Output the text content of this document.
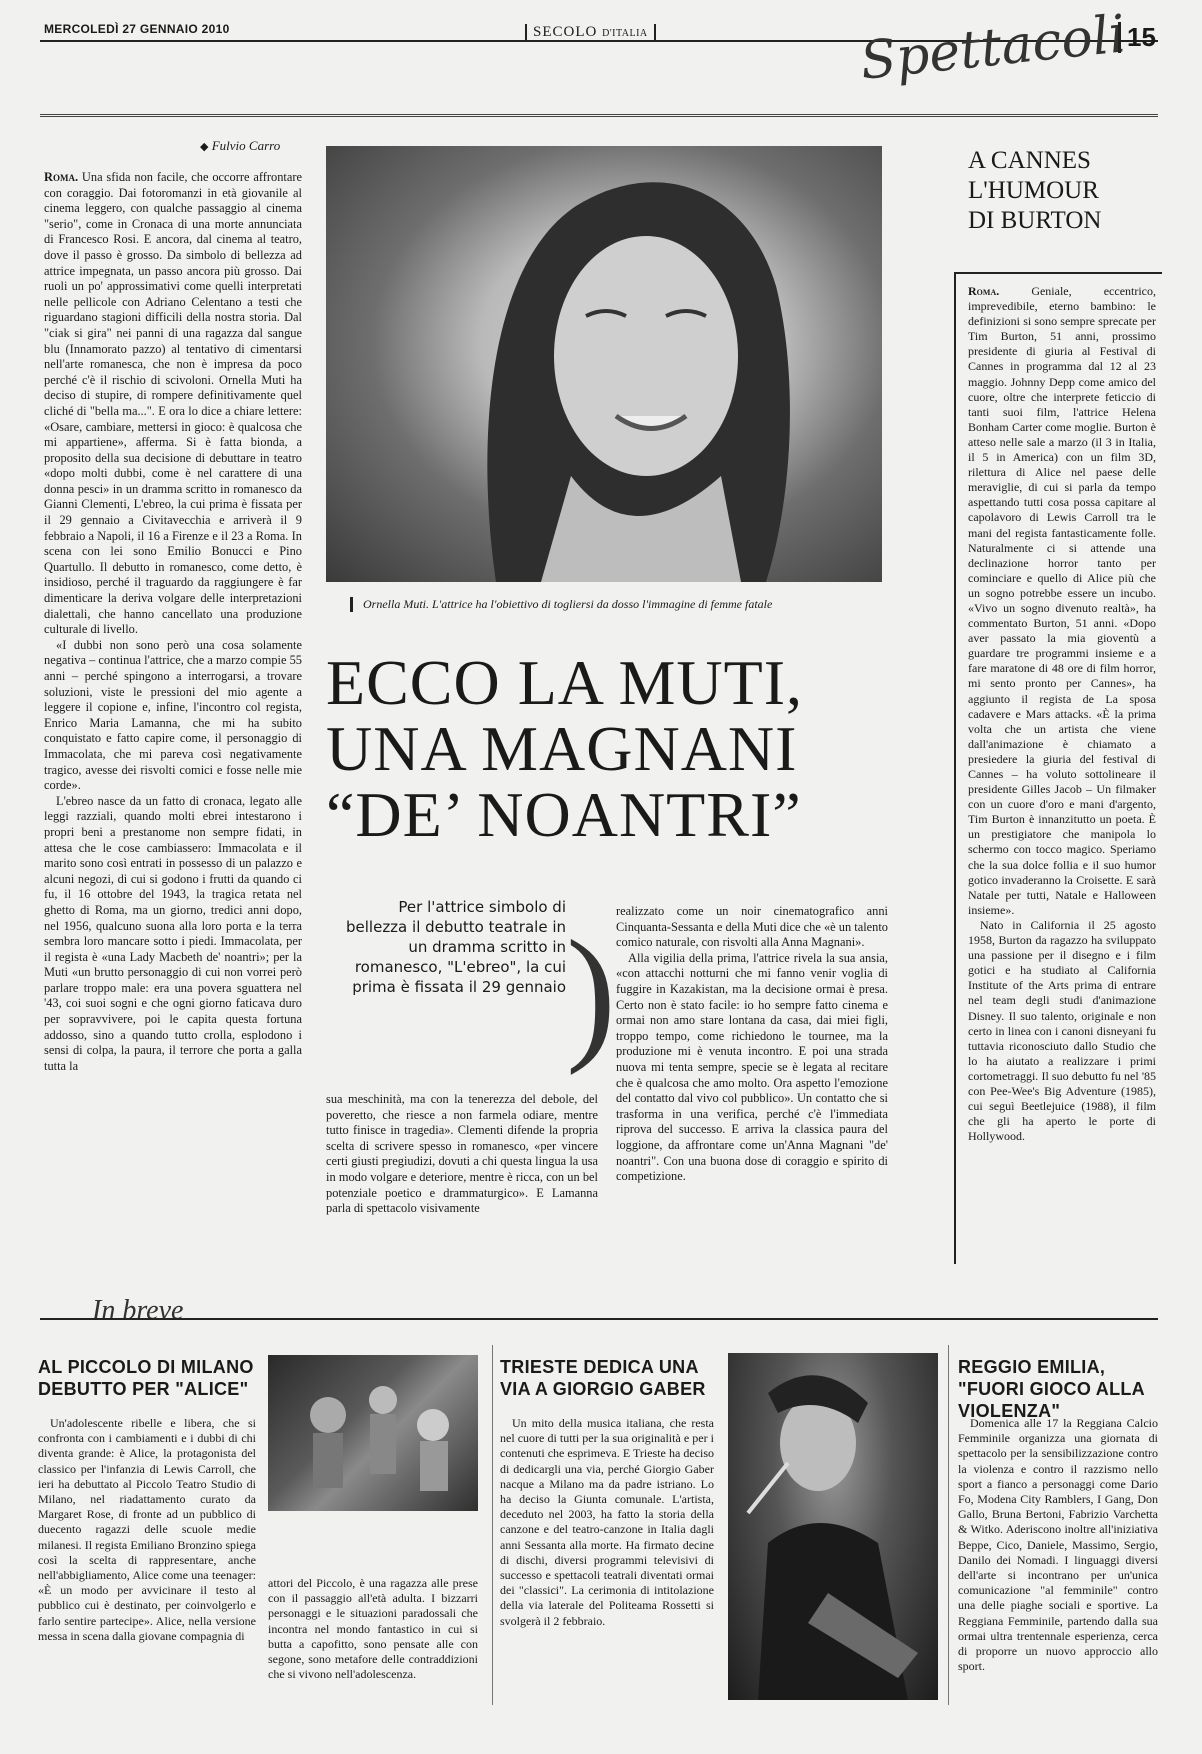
MERCOLEDÌ 27 GENNAIO 2010	SECOLO D'ITALIA	Spettacoli
15
◆ Fulvio Carro

Roma. Una sfida non facile, che occorre affrontare con coraggio. Dai fotoromanzi in età giovanile al cinema leggero, con qualche passaggio al cinema "serio", come in Cronaca di una morte annunciata di Francesco Rosi. E ancora, dal cinema al teatro, dove il passo è grosso. Da simbolo di bellezza ad attrice impegnata, un passo ancora più grosso. Dai ruoli un po' approssimativi come quelli interpretati nelle pellicole con Adriano Celentano a testi che riguardano stagioni difficili della nostra storia. Dal "ciak si gira" nei panni di una ragazza dal sangue blu (Innamorato pazzo) al tentativo di cimentarsi nell'arte romanesca, che non è impresa da poco perché c'è il rischio di scivoloni. Ornella Muti ha deciso di stupire, di rompere definitivamente quel cliché di "bella ma...". E ora lo dice a chiare lettere: «Osare, cambiare, mettersi in gioco: è qualcosa che mi appartiene», afferma. Si è fatta bionda, a proposito della sua decisione di debuttare in teatro «dopo molti dubbi, come è nel carattere di una donna pesci» in un dramma scritto in romanesco da Gianni Clementi, L'ebreo, la cui prima è fissata per il 29 gennaio a Civitavecchia e arriverà il 9 febbraio a Napoli, il 16 a Firenze e il 23 a Roma. In scena con lei sono Emilio Bonucci e Pino Quartullo. Il debutto in romanesco, come detto, è insidioso, perché il traguardo da raggiungere è far dimenticare la deriva volgare delle interpretazioni dialettali, che hanno cancellato una produzione culturale di livello.

«I dubbi non sono però una cosa solamente negativa – continua l'attrice, che a marzo compie 55 anni – perché spingono a interrogarsi, a trovare soluzioni, viste le pressioni del mio agente a leggere il copione e, infine, l'incontro col regista, Enrico Maria Lamanna, che mi ha subito conquistato e fatto capire come, il personaggio di Immacolata, che mi pareva così negativamente tragico, avesse dei risvolti comici e fosse nelle mie corde».

L'ebreo nasce da un fatto di cronaca, legato alle leggi razziali, quando molti ebrei intestarono i propri beni a prestanome non sempre fidati, in attesa che le cose cambiassero: Immacolata e il marito sono così entrati in possesso di un palazzo e alcuni negozi, di cui si godono i frutti da quando ci fu, il 16 ottobre del 1943, la tragica retata nel ghetto di Roma, ma un giorno, tredici anni dopo, nel 1956, qualcuno suona alla loro porta e la terra sembra loro mancare sotto i piedi. Immacolata, per il regista è «una Lady Macbeth de' noantri»; per la Muti «un brutto personaggio di cui non vorrei però parlare troppo male: era una povera sguattera nel '43, coi suoi sogni e che ogni giorno faticava duro per sopravvivere, poi le capita questa fortuna addosso, sino a quando tutto crolla, esplodono i sensi di colpa, la paura, il terrore che porta a galla tutta la

Ornella Muti. L'attrice ha l'obiettivo di togliersi da dosso l'immagine di femme fatale
ECCO LA MUTI,
UNA MAGNANI
“DE’ NOANTRI”
Per l'attrice simbolo di bellezza il debutto teatrale in un dramma scritto in romanesco, "L'ebreo", la cui prima è fissata il 29 gennaio )

sua meschinità, ma con la tenerezza del debole, del poveretto, che riesce a non farmela odiare, mentre tutto finisce in tragedia». Clementi difende la propria scelta di scrivere spesso in romanesco, «per vincere certi giusti pregiudizi, dovuti a chi questa lingua la usa in modo volgare e deteriore, mentre è ricca, con un bel potenziale poetico e drammaturgico». E Lamanna parla di spettacolo visivamente

realizzato come un noir cinematografico anni Cinquanta-Sessanta e della Muti dice che «è un talento comico naturale, con risvolti alla Anna Magnani».

Alla vigilia della prima, l'attrice rivela la sua ansia, «con attacchi notturni che mi fanno venir voglia di fuggire in Kazakistan, ma la decisione ormai è presa. Certo non è stato facile: io ho sempre fatto cinema e ormai non amo stare lontana da casa, dai miei figli, troppo tempo, come richiedono le tournee, ma la produzione mi è venuta incontro. E poi una strada nuova mi tenta sempre, specie se è legata al recitare che è qualcosa che amo molto. Ora aspetto l'emozione del contatto dal vivo col pubblico». Un contatto che si trasforma in una verifica, perché c'è l'immediata riprova del successo. E arriva la classica paura del loggione, da affrontare come un'Anna Magnani "de' noantri". Con una buona dose di coraggio e spirito di competizione.

A CANNES
L'HUMOUR
DI BURTON

Roma.	Geniale, eccentrico, imprevedibile, eterno bambino: le definizioni si sono sempre sprecate per Tim Burton, 51 anni, prossimo presidente di giuria al Festival di Cannes in programma dal 12 al 23 maggio. Johnny Depp come amico del cuore, oltre che interprete feticcio di tanti suoi film, l'attrice Helena Bonham Carter come moglie. Burton è atteso nelle sale a marzo (il 3 in Italia, il 5 in America) con un film 3D, rilettura di Alice nel paese delle meraviglie, di cui si parla da tempo aspettando tutti cosa possa capitare al capolavoro di Lewis Carroll tra le mani del regista fantasticamente folle. Naturalmente ci si attende una declinazione horror tanto per cominciare e quello di Alice più che un sogno potrebbe essere un incubo. «Vivo un sogno divenuto realtà», ha commentato Burton, 51 anni. «Dopo aver passato la mia gioventù a guardare tre programmi insieme e a fare maratone di 48 ore di film horror, mi sento pronto per Cannes», ha aggiunto il regista de La sposa cadavere e Mars attacks. «È la prima volta che un artista che viene dall'animazione è chiamato a presiedere la giuria del festival di Cannes – ha voluto sottolineare il presidente Gilles Jacob – Un filmaker con un cuore d'oro e mani d'argento, Tim Burton è innanzitutto un poeta. È un prestigiatore che manipola lo schermo con tocco magico. Speriamo che la sua dolce follia e il suo humor gotico invaderanno la Croisette. E sarà Natale per tutti, Natale e Halloween insieme».

Nato in California il 25 agosto 1958, Burton da ragazzo ha sviluppato una passione per il disegno e i film gotici e ha studiato al California Institute of the Arts prima di entrare nel team degli studi d'animazione Disney. Il suo talento, originale e non certo in linea con i canoni disneyani fu tuttavia riconosciuto dallo Studio che lo ha aiutato a realizzare i primi cortometraggi. Il suo debutto fu nel '85 con Pee-Wee's Big Adventure (1985), cui seguì Beetlejuice (1988), il film che gli ha aperto le porte di Hollywood.

In breve
AL PICCOLO DI MILANO DEBUTTO PER "ALICE"
Un'adolescente ribelle e libera, che si confronta con i cambiamenti e i dubbi di chi diventa grande: è Alice, la protagonista del classico per l'infanzia di Lewis Carroll, che ieri ha debuttato al Piccolo Teatro Studio di Milano, nel riadattamento curato da Margaret Rose, di fronte ad un pubblico di duecento ragazzi delle scuole medie milanesi. Il regista Emiliano Bronzino spiega così la scelta di rappresentare, anche nell'abbigliamento, Alice come una teenager: «È un modo per avvicinare il testo al pubblico cui è destinato, per coinvolgerlo e farlo sentire partecipe». Alice, nella versione messa in scena dalla giovane compagnia di
attori del Piccolo, è una ragazza alle prese con il passaggio all'età adulta. I bizzarri personaggi e le situazioni paradossali che incontra nel mondo fantastico in cui si butta a capofitto, sono pensate alle con segone, sono metafore delle contraddizioni che si vivono nell'adolescenza.
TRIESTE DEDICA UNA VIA A GIORGIO GABER
Un mito della musica italiana, che resta nel cuore di tutti per la sua originalità e per i contenuti che esprimeva. E Trieste ha deciso di dedicargli una via, perché Giorgio Gaber nacque a Milano ma da padre istriano. Lo ha deciso la Giunta comunale. L'artista, deceduto nel 2003, ha fatto la storia della canzone e del teatro-canzone in Italia dagli anni Sessanta alla morte. Ha firmato decine di dischi, diversi programmi televisivi di successo e spettacoli teatrali diventati ormai dei "classici". La cerimonia di intitolazione della via laterale del Politeama Rossetti si svolgerà il 2 febbraio.
REGGIO EMILIA, "FUORI GIOCO ALLA VIOLENZA"
Domenica alle 17 la Reggiana Calcio Femminile organizza una giornata di spettacolo per la sensibilizzazione contro la violenza e contro il razzismo nello sport a fianco a personaggi come Dario Fo, Modena City Ramblers, I Gang, Don Gallo, Bruna Bertoni, Fabrizio Varchetta & Witko. Aderiscono inoltre all'iniziativa Beppe, Cico, Daniele, Massimo, Sergio, Danilo dei Nomadi. I linguaggi diversi dell'arte si incontrano per un'unica comunicazione "al femminile" contro una delle piaghe sociali e sportive. La Reggiana Femminile, partendo dalla sua ormai ultra trentennale esperienza, cerca di proporre un nuovo approccio allo sport.
